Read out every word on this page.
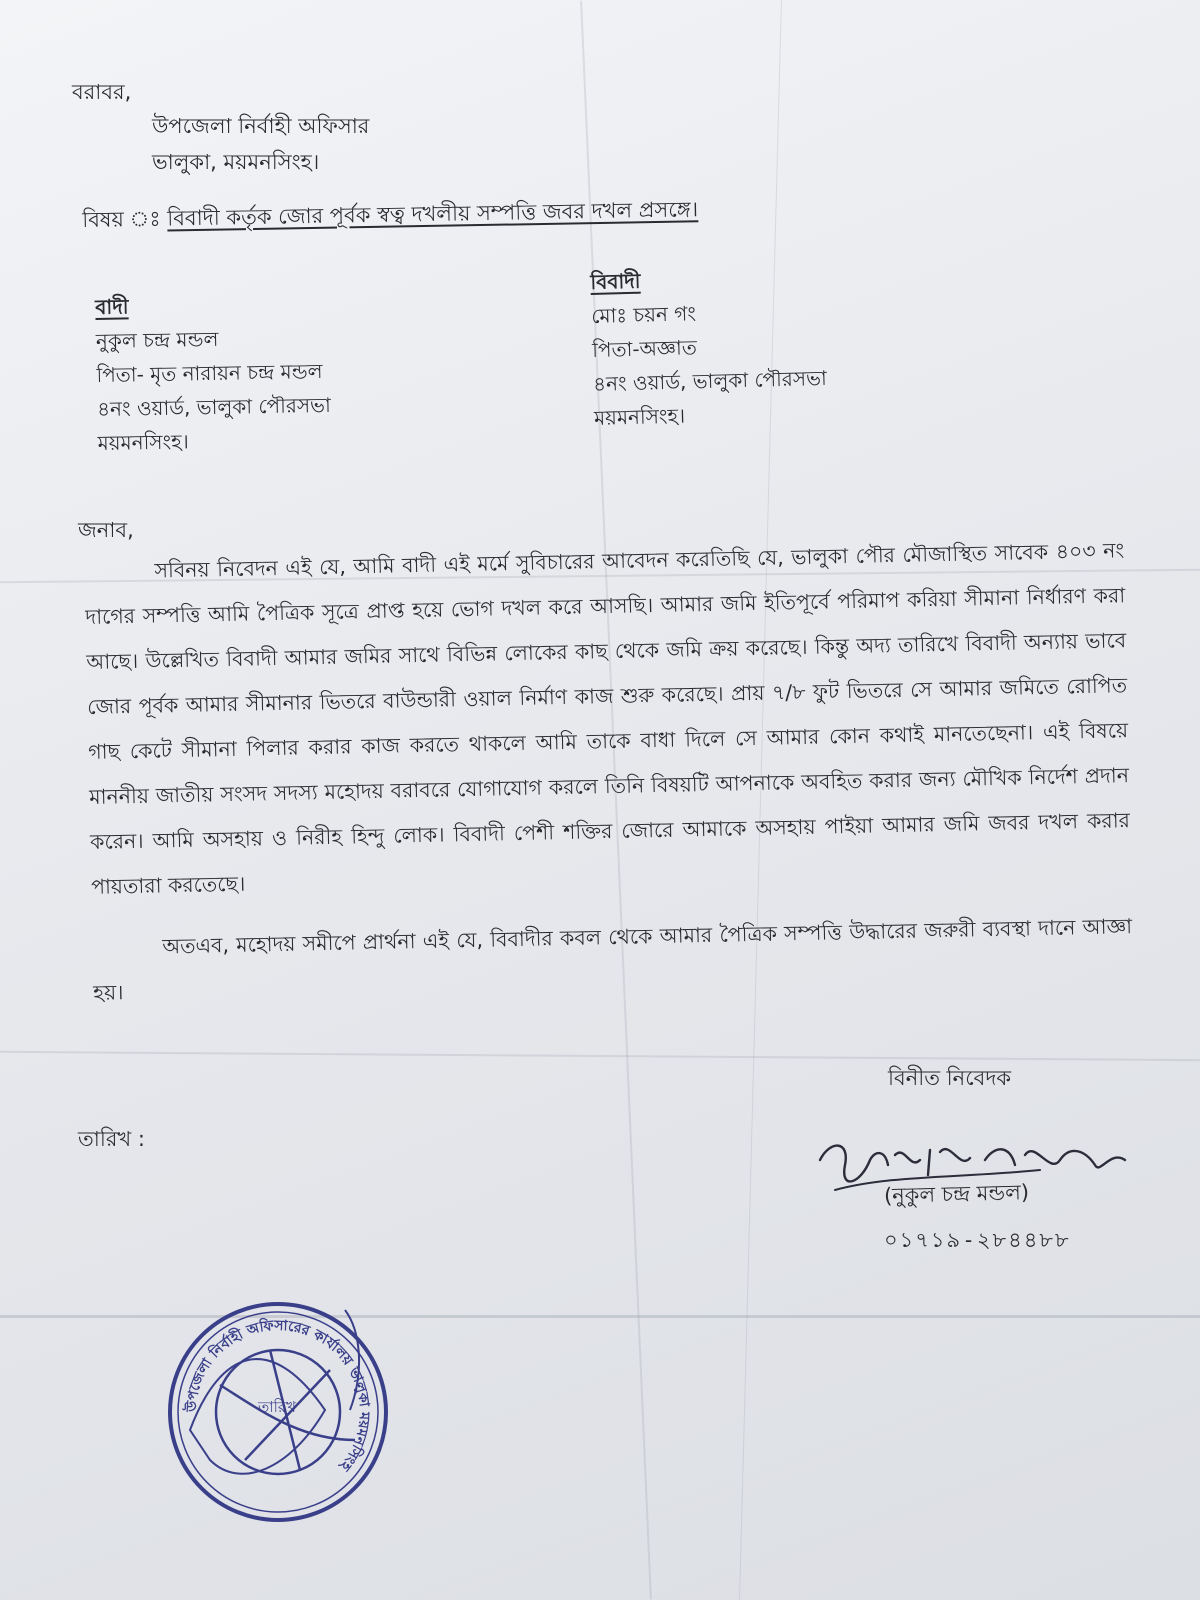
বরাবর,
উপজেলা নির্বাহী অফিসার
ভালুকা, ময়মনসিংহ।
বিষয় ঃ বিবাদী কর্তৃক জোর পূর্বক স্বত্ব দখলীয় সম্পত্তি জবর দখল প্রসঙ্গে।
বাদী
নুকুল চন্দ্র মন্ডল
পিতা- মৃত নারায়ন চন্দ্র মন্ডল
৪নং ওয়ার্ড, ভালুকা পৌরসভা
ময়মনসিংহ।
বিবাদী
মোঃ চয়ন গং
পিতা-অজ্ঞাত
৪নং ওয়ার্ড, ভালুকা পৌরসভা
ময়মনসিংহ।
জনাব,

সবিনয় নিবেদন এই যে, আমি বাদী এই মর্মে সুবিচারের আবেদন করেতিছি যে, ভালুকা পৌর মৌজাস্থিত সাবেক ৪০৩ নং দাগের সম্পত্তি আমি পৈত্রিক সূত্রে প্রাপ্ত হয়ে ভোগ দখল করে আসছি। আমার জমি ইতিপূর্বে পরিমাপ করিয়া সীমানা নির্ধারণ করা আছে। উল্লেখিত বিবাদী আমার জমির সাথে বিভিন্ন লোকের কাছ থেকে জমি ক্রয় করেছে। কিন্তু অদ্য তারিখে বিবাদী অন্যায় ভাবে জোর পূর্বক আমার সীমানার ভিতরে বাউন্ডারী ওয়াল নির্মাণ কাজ শুরু করেছে। প্রায় ৭/৮ ফুট ভিতরে সে আমার জমিতে রোপিত গাছ কেটে সীমানা পিলার করার কাজ করতে থাকলে আমি তাকে বাধা দিলে সে আমার কোন কথাই মানতেছেনা। এই বিষয়ে মাননীয় জাতীয় সংসদ সদস্য মহোদয় বরাবরে যোগাযোগ করলে তিনি বিষয়টি আপনাকে অবহিত করার জন্য মৌখিক নির্দেশ প্রদান করেন। আমি অসহায় ও নিরীহ হিন্দু লোক। বিবাদী পেশী শক্তির জোরে আমাকে অসহায় পাইয়া আমার জমি জবর দখল করার পায়তারা করতেছে।

অতএব, মহোদয় সমীপে প্রার্থনা এই যে, বিবাদীর কবল থেকে আমার পৈত্রিক সম্পত্তি উদ্ধারের জরুরী ব্যবস্থা দানে আজ্ঞা হয়।

বিনীত নিবেদক
তারিখ :
(নুকুল চন্দ্র মন্ডল)
০১৭১৯-২৮৪৪৮৮
উপজেলা নির্বাহী অফিসারের কার্যালয় ভালুকা ময়মনসিংহ
তারিখ
